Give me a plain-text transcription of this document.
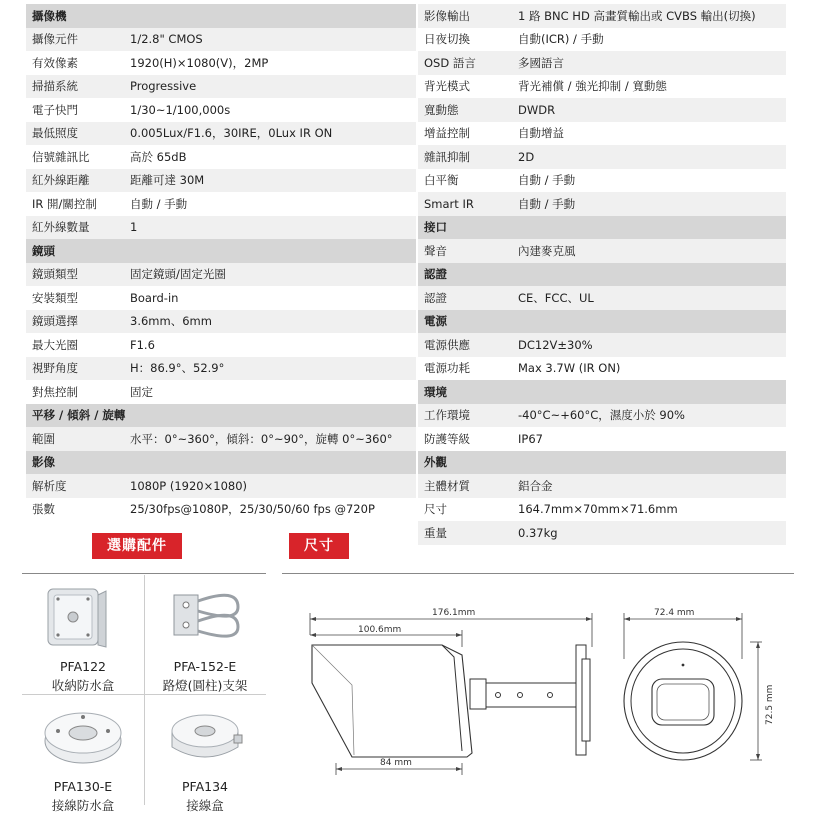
攝像機
攝像元件	1/2.8" CMOS
有效像素	1920(H)×1080(V)，2MP
掃描系統	Progressive
電子快門	1/30~1/100,000s
最低照度	0.005Lux/F1.6，30IRE，0Lux IR ON
信號雜訊比	高於 65dB
紅外線距離	距離可達 30M
IR 開/關控制	自動 / 手動
紅外線數量	1
鏡頭
鏡頭類型	固定鏡頭/固定光圈
安裝類型	Board-in
鏡頭選擇	3.6mm、6mm
最大光圈	F1.6
視野角度	H：86.9°、52.9°
對焦控制	固定
平移 / 傾斜 / 旋轉
範圍	水平：0°~360°，傾斜：0°~90°，旋轉 0°~360°
影像
解析度	1080P (1920×1080)
張數	25/30fps@1080P，25/30/50/60 fps @720P
影像輸出	1 路 BNC HD 高畫質輸出或 CVBS 輸出(切換)
日夜切換	自動(ICR) / 手動
OSD 語言	多國語言
背光模式	背光補償 / 強光抑制 / 寬動態
寬動態	DWDR
增益控制	自動增益
雜訊抑制	2D
白平衡	自動 / 手動
Smart IR	自動 / 手動
接口
聲音	內建麥克風
認證
認證	CE、FCC、UL
電源
電源供應	DC12V±30%
電源功耗	Max 3.7W (IR ON)
環境
工作環境	-40°C~+60°C，濕度小於 90%
防護等級	IP67
外觀
主體材質	鋁合金
尺寸	164.7mm×70mm×71.6mm
重量	0.37kg
選購配件	尺寸
PFA122
收納防水盒
PFA-152-E
路燈(圓柱)支架
PFA130-E
接線防水盒
PFA134
接線盒
176.1mm
100.6mm
84 mm
72.4 mm
72.5 mm
